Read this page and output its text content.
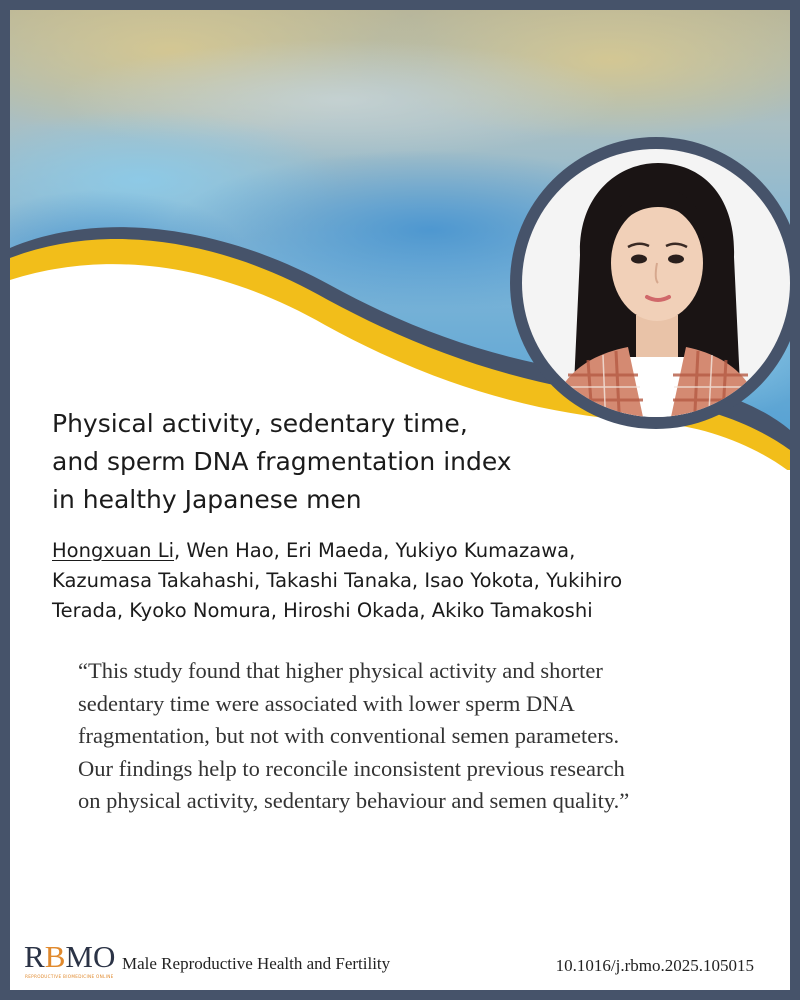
Physical activity, sedentary time,
and sperm DNA fragmentation index
in healthy Japanese men

Hongxuan Li, Wen Hao, Eri Maeda, Yukiyo Kumazawa,
Kazumasa Takahashi, Takashi Tanaka, Isao Yokota, Yukihiro
Terada, Kyoko Nomura, Hiroshi Okada, Akiko Tamakoshi

“This study found that higher physical activity and shorter
sedentary time were associated with lower sperm DNA
fragmentation, but not with conventional semen parameters.
Our findings help to reconcile inconsistent previous research
on physical activity, sedentary behaviour and semen quality.”

RBMO
REPRODUCTIVE BIOMEDICINE ONLINE
Male Reproductive Health and Fertility	10.1016/j.rbmo.2025.105015
